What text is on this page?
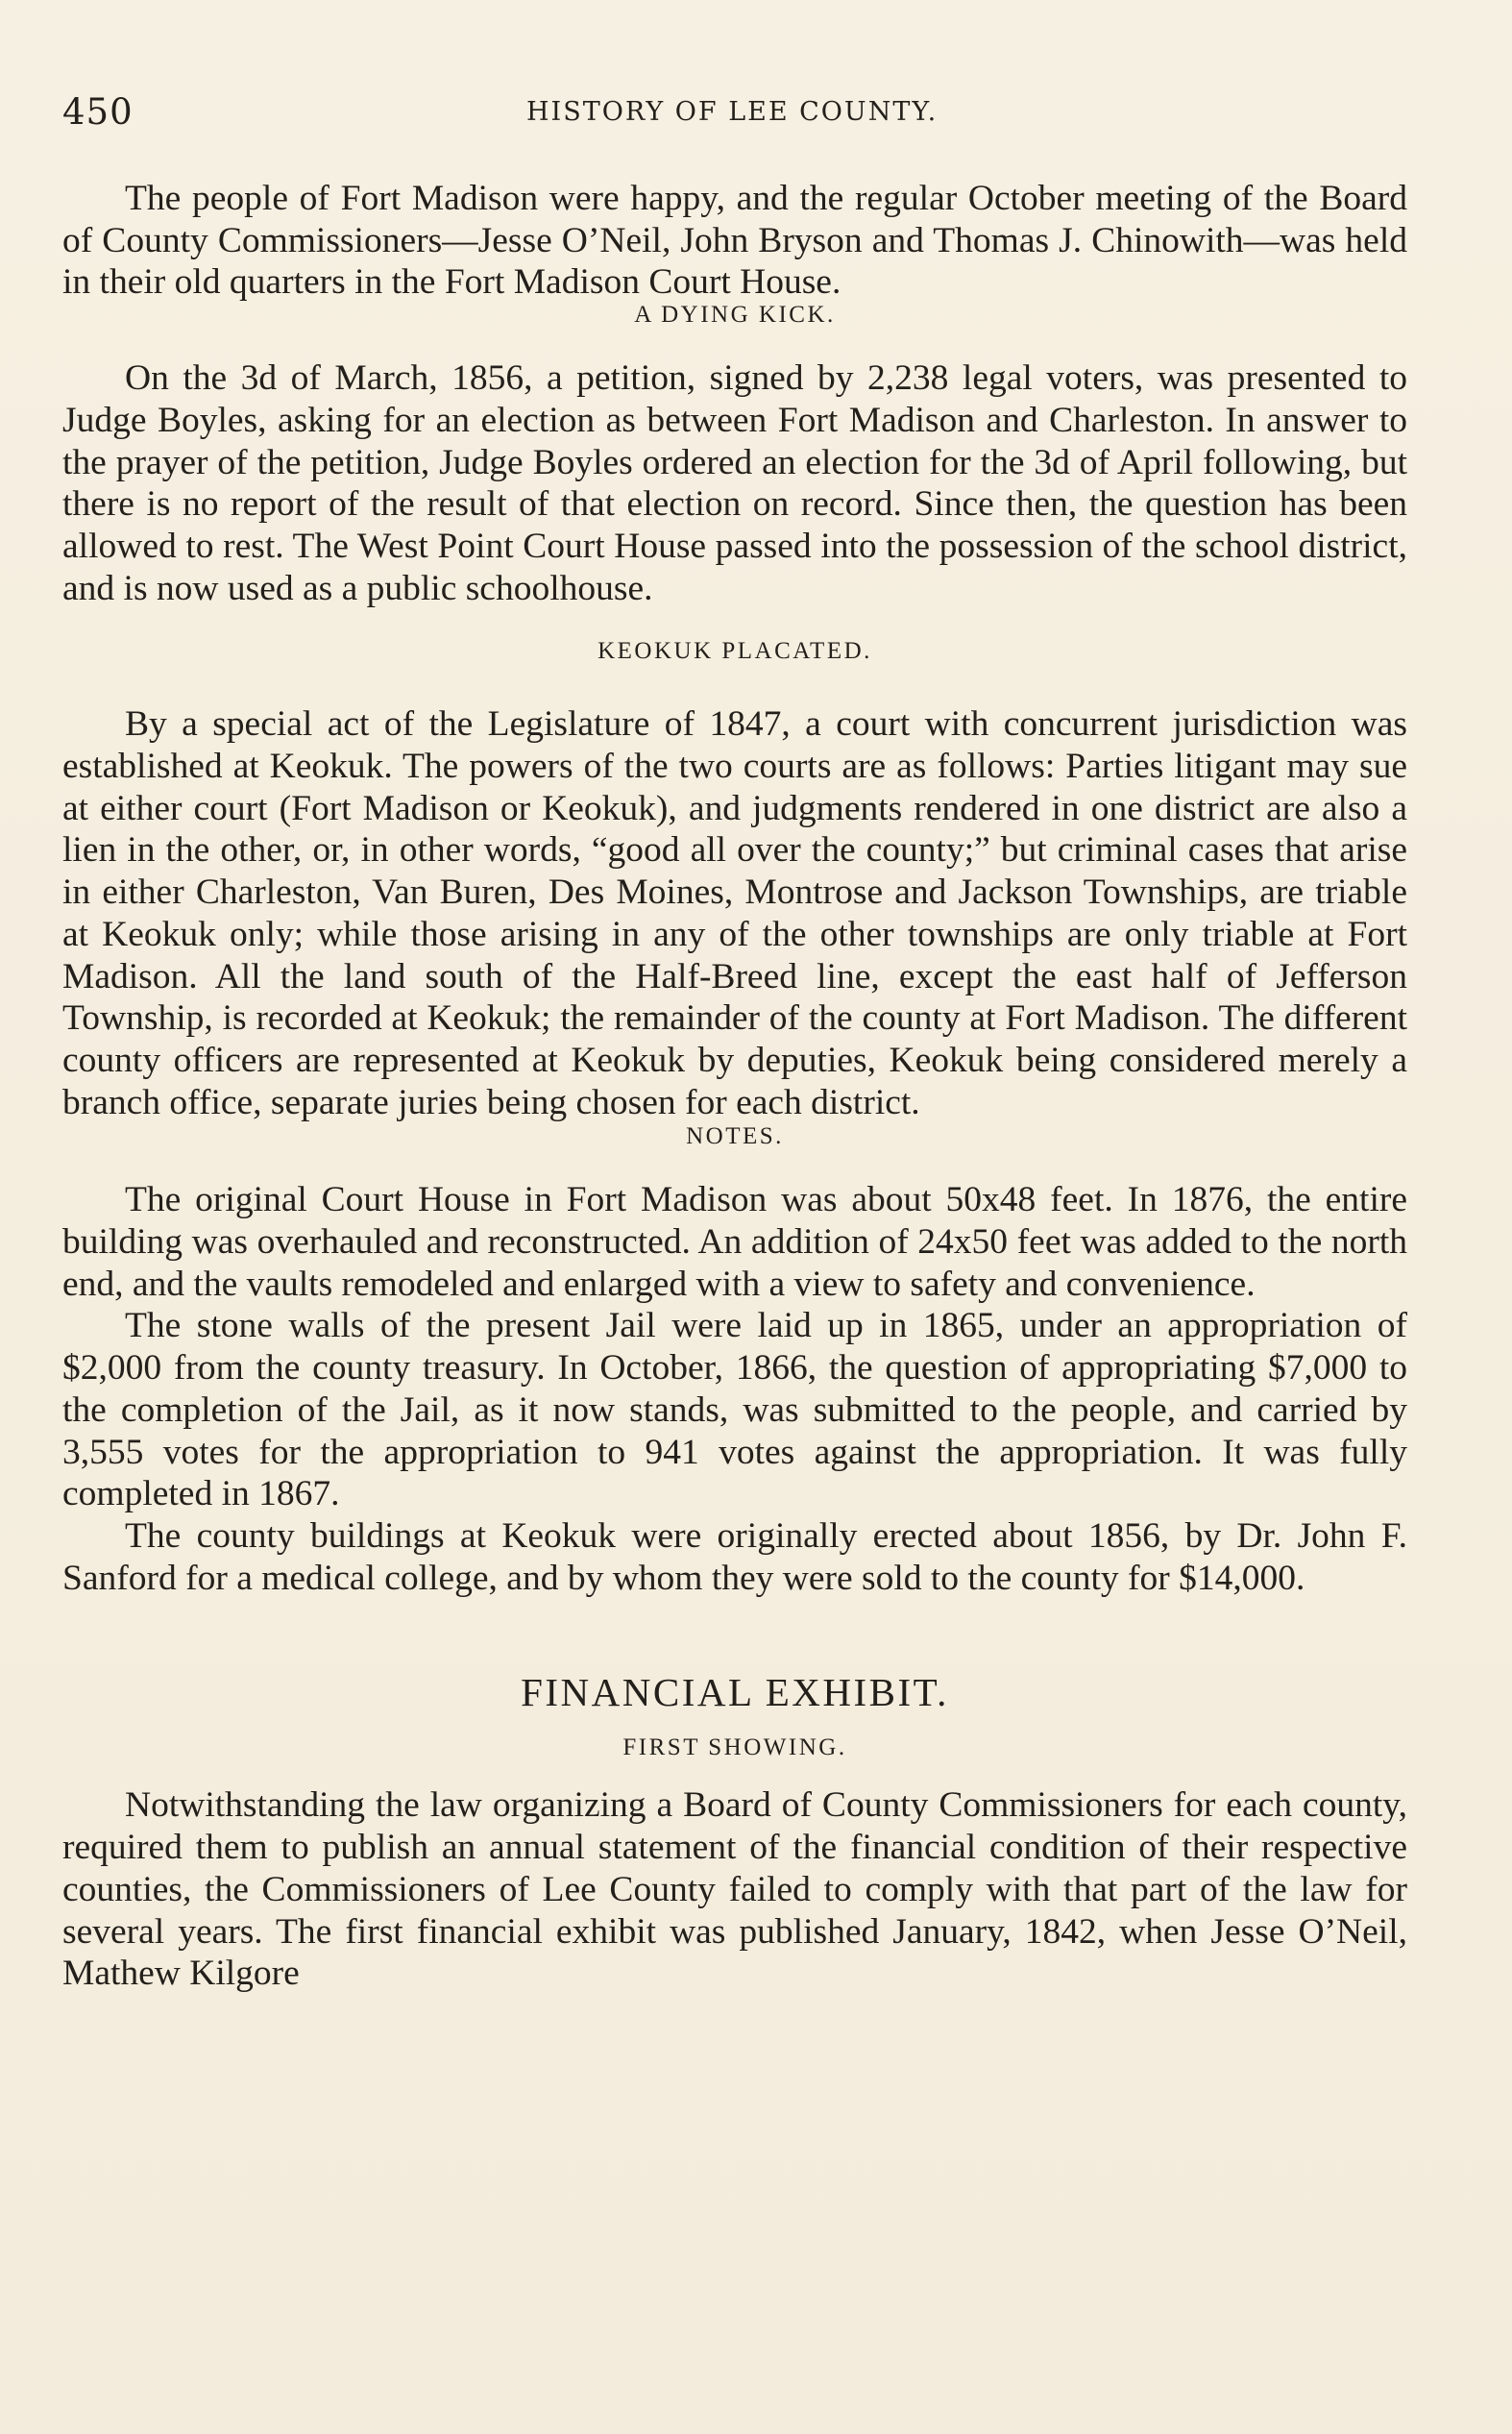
450	HISTORY OF LEE COUNTY.

The people of Fort Madison were happy, and the regular October meeting of the Board of County Commissioners—Jesse O’Neil, John Bryson and Thomas J. Chinowith—was held in their old quarters in the Fort Madison Court House.

A DYING KICK.

On the 3d of March, 1856, a petition, signed by 2,238 legal voters, was presented to Judge Boyles, asking for an election as between Fort Madison and Charleston. In answer to the prayer of the petition, Judge Boyles ordered an election for the 3d of April following, but there is no report of the result of that election on record. Since then, the question has been allowed to rest. The West Point Court House passed into the possession of the school district, and is now used as a public schoolhouse.

KEOKUK PLACATED.

By a special act of the Legislature of 1847, a court with concurrent jurisdiction was established at Keokuk. The powers of the two courts are as follows: Parties litigant may sue at either court (Fort Madison or Keokuk), and judgments rendered in one district are also a lien in the other, or, in other words, “good all over the county;” but criminal cases that arise in either Charleston, Van Buren, Des Moines, Montrose and Jackson Townships, are triable at Keokuk only; while those arising in any of the other townships are only triable at Fort Madison. All the land south of the Half-Breed line, except the east half of Jefferson Township, is recorded at Keokuk; the remainder of the county at Fort Madison. The different county officers are represented at Keokuk by deputies, Keokuk being considered merely a branch office, separate juries being chosen for each district.

NOTES.

The original Court House in Fort Madison was about 50x48 feet. In 1876, the entire building was overhauled and reconstructed. An addition of 24x50 feet was added to the north end, and the vaults remodeled and enlarged with a view to safety and convenience.

The stone walls of the present Jail were laid up in 1865, under an appropriation of $2,000 from the county treasury. In October, 1866, the question of appropriating $7,000 to the completion of the Jail, as it now stands, was submitted to the people, and carried by 3,555 votes for the appropriation to 941 votes against the appropriation. It was fully completed in 1867.

The county buildings at Keokuk were originally erected about 1856, by Dr. John F. Sanford for a medical college, and by whom they were sold to the county for $14,000.

FINANCIAL EXHIBIT.
FIRST SHOWING.

Notwithstanding the law organizing a Board of County Commissioners for each county, required them to publish an annual statement of the financial condition of their respective counties, the Commissioners of Lee County failed to comply with that part of the law for several years. The first financial exhibit was published January, 1842, when Jesse O’Neil, Mathew Kilgore
